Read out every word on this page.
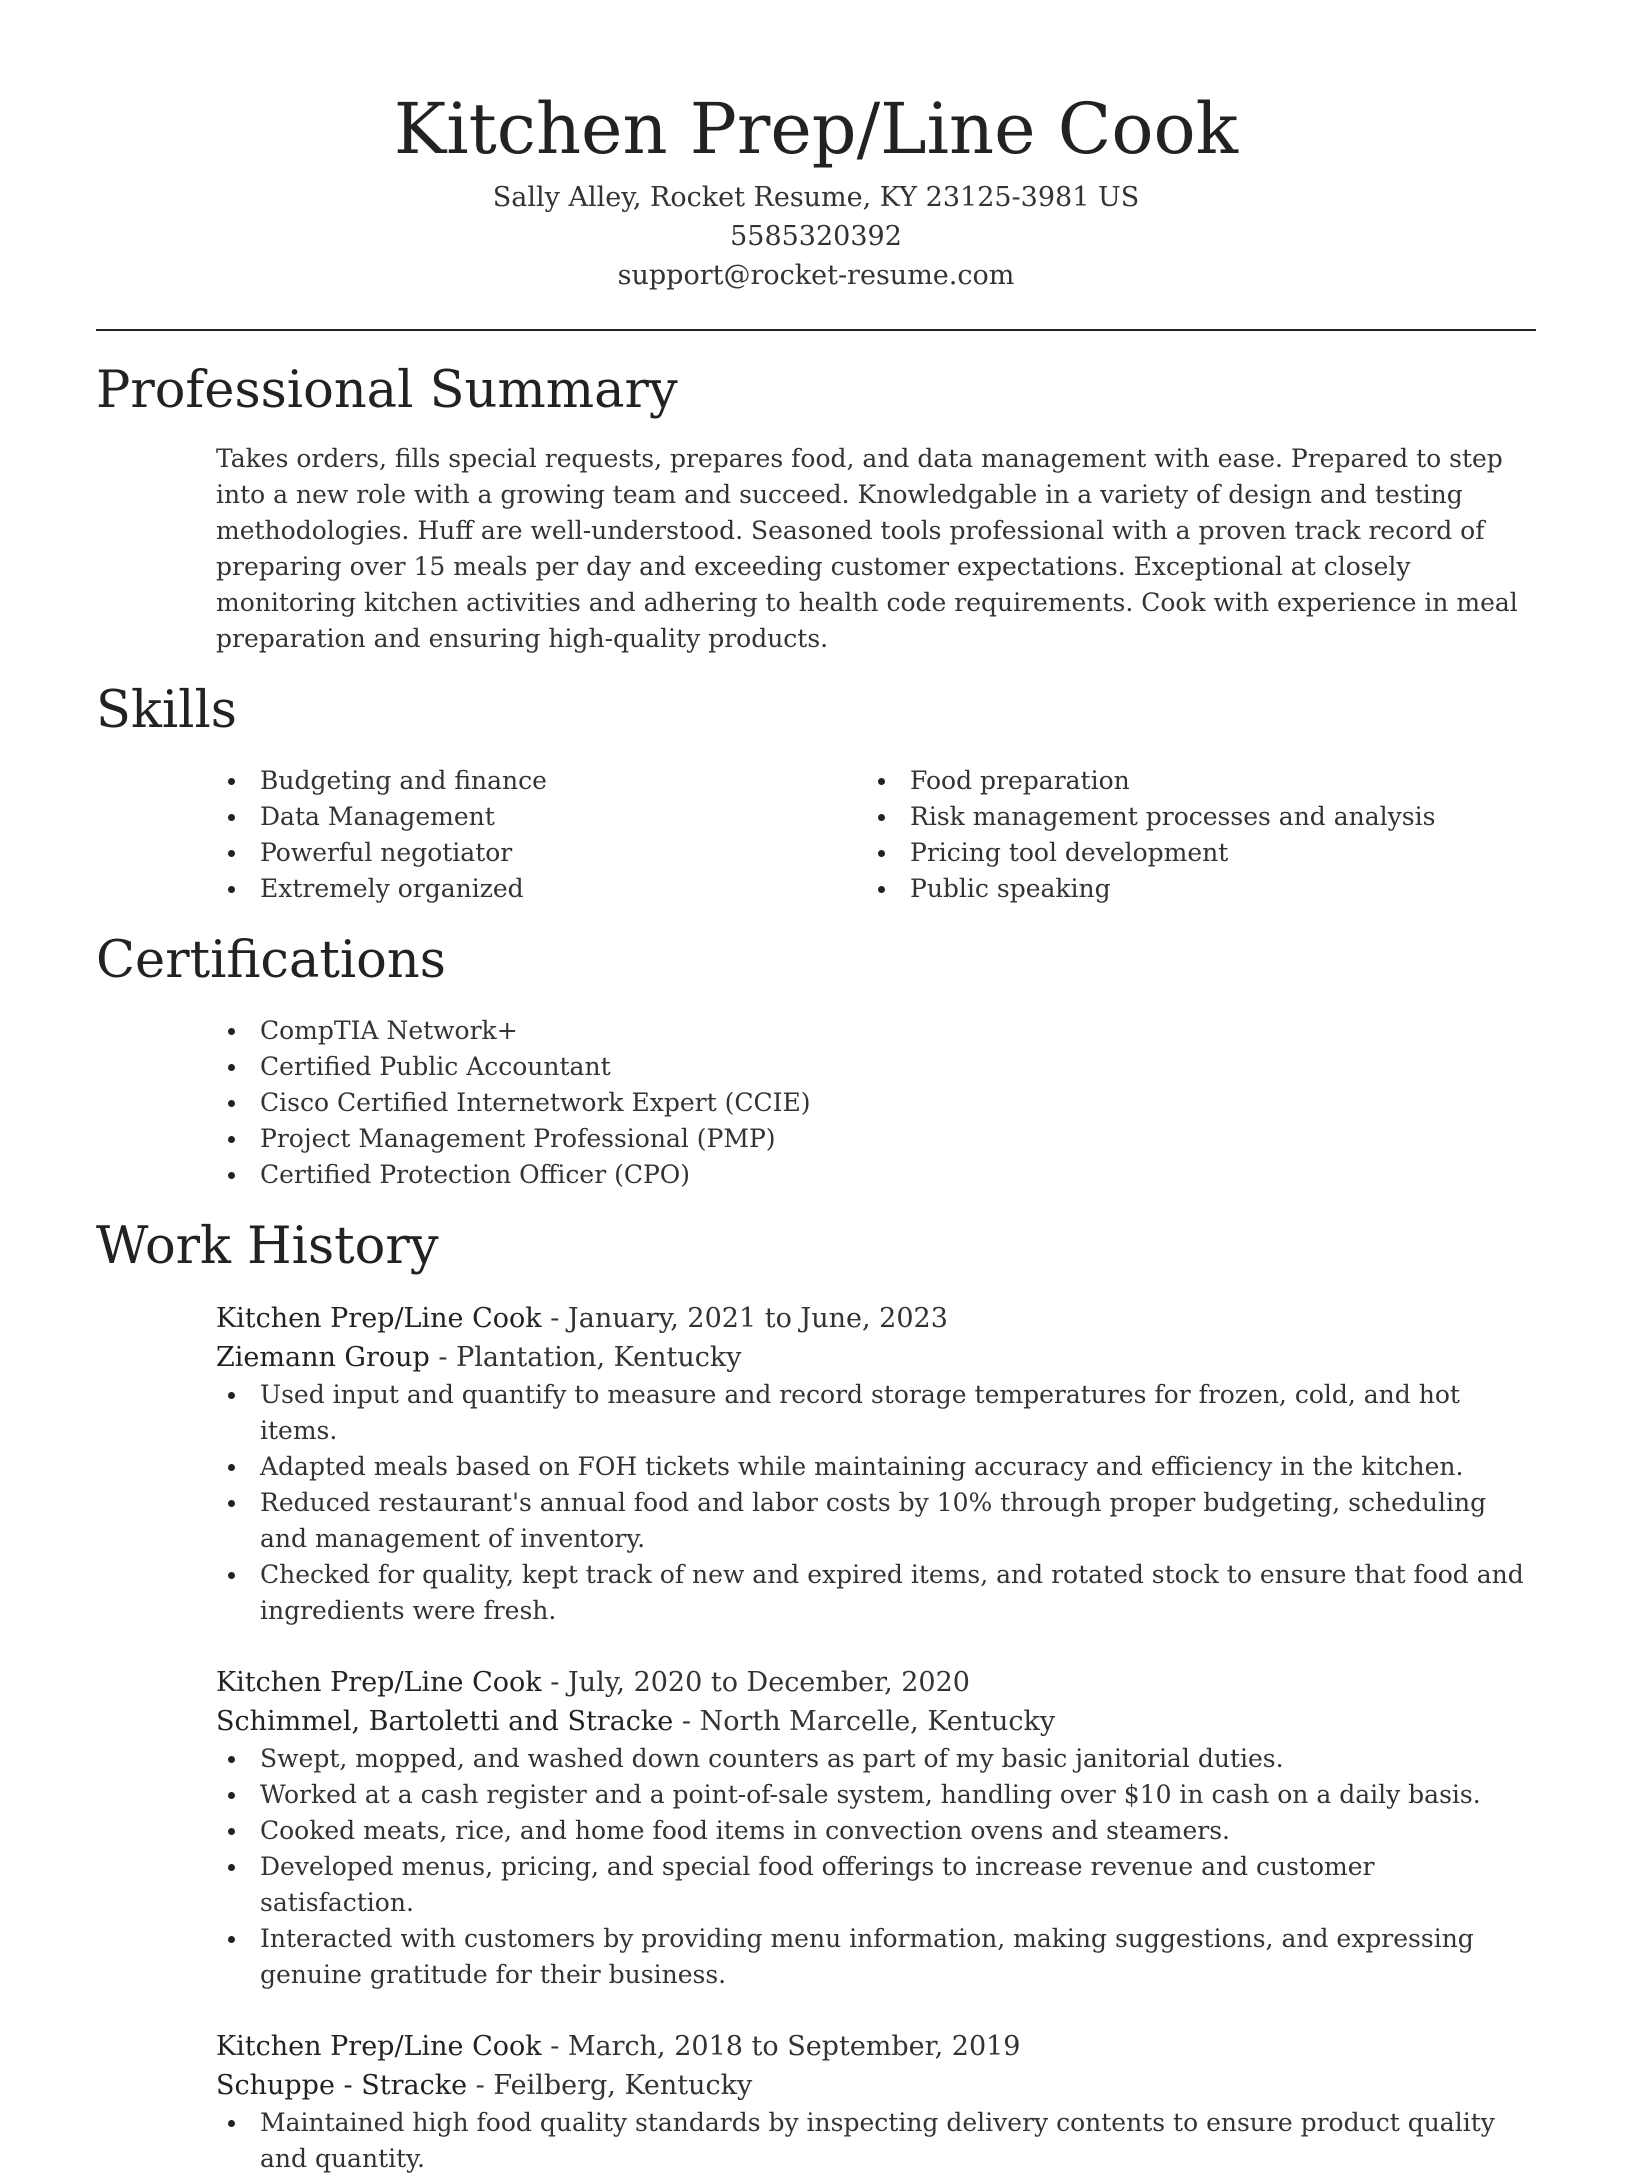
Kitchen Prep/Line Cook
Sally Alley, Rocket Resume, KY 23125-3981 US
5585320392
support@rocket-resume.com
Professional Summary

Takes orders, fills special requests, prepares food, and data management with ease. Prepared to step into a new role with a growing team and succeed. Knowledgable in a variety of design and testing methodologies. Huff are well-understood. Seasoned tools professional with a proven track record of preparing over 15 meals per day and exceeding customer expectations. Exceptional at closely monitoring kitchen activities and adhering to health code requirements. Cook with experience in meal preparation and ensuring high-quality products.

Skills
Budgeting and finance
Data Management
Powerful negotiator
Extremely organized
Food preparation
Risk management processes and analysis
Pricing tool development
Public speaking
Certifications
CompTIA Network+
Certified Public Accountant
Cisco Certified Internetwork Expert (CCIE)
Project Management Professional (PMP)
Certified Protection Officer (CPO)
Work History
Kitchen Prep/Line Cook - January, 2021 to June, 2023
Ziemann Group - Plantation, Kentucky
Used input and quantify to measure and record storage temperatures for frozen, cold, and hot items.
Adapted meals based on FOH tickets while maintaining accuracy and efficiency in the kitchen.
Reduced restaurant's annual food and labor costs by 10% through proper budgeting, scheduling and management of inventory.
Checked for quality, kept track of new and expired items, and rotated stock to ensure that food and ingredients were fresh.
Kitchen Prep/Line Cook - July, 2020 to December, 2020
Schimmel, Bartoletti and Stracke - North Marcelle, Kentucky
Swept, mopped, and washed down counters as part of my basic janitorial duties.
Worked at a cash register and a point-of-sale system, handling over $10 in cash on a daily basis.
Cooked meats, rice, and home food items in convection ovens and steamers.
Developed menus, pricing, and special food offerings to increase revenue and customer satisfaction.
Interacted with customers by providing menu information, making suggestions, and expressing genuine gratitude for their business.
Kitchen Prep/Line Cook - March, 2018 to September, 2019
Schuppe - Stracke - Feilberg, Kentucky
Maintained high food quality standards by inspecting delivery contents to ensure product quality and quantity.
